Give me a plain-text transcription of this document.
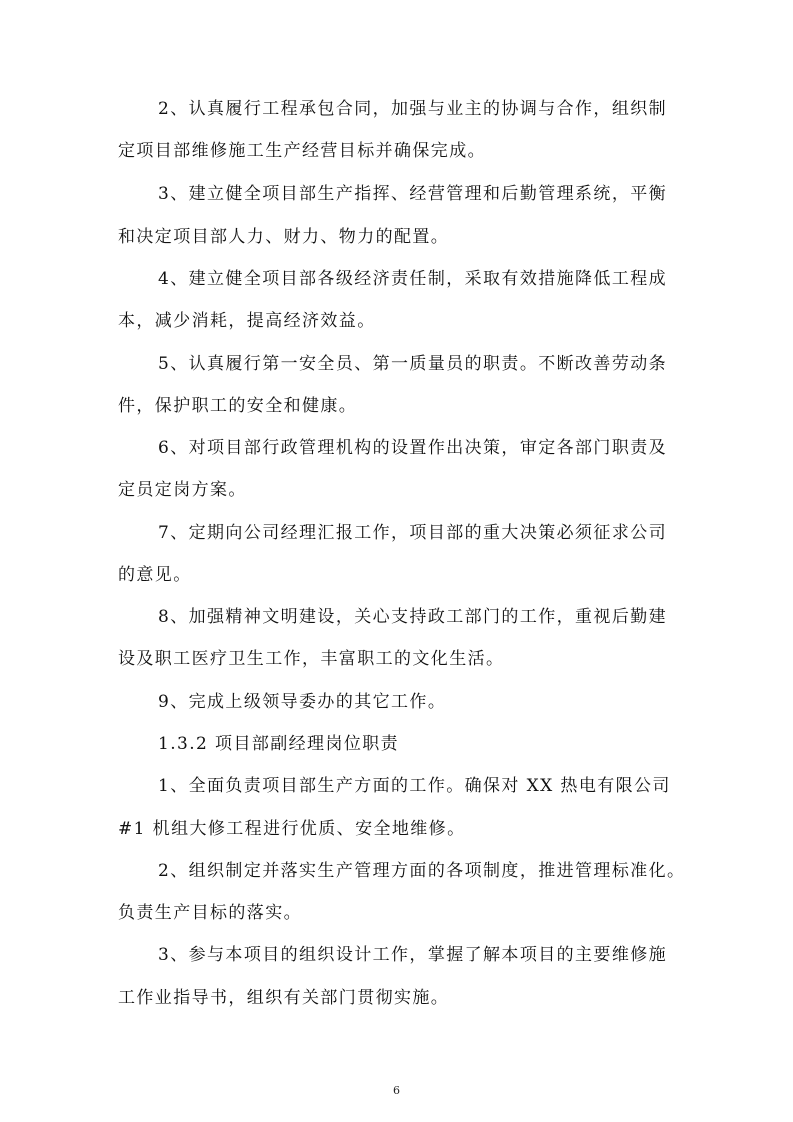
2、认真履行工程承包合同，加强与业主的协调与合作，组织制
定项目部维修施工生产经营目标并确保完成。
3、建立健全项目部生产指挥、经营管理和后勤管理系统，平衡
和决定项目部人力、财力、物力的配置。
4、建立健全项目部各级经济责任制，采取有效措施降低工程成
本，减少消耗，提高经济效益。
5、认真履行第一安全员、第一质量员的职责。不断改善劳动条
件，保护职工的安全和健康。
6、对项目部行政管理机构的设置作出决策，审定各部门职责及
定员定岗方案。
7、定期向公司经理汇报工作，项目部的重大决策必须征求公司
的意见。
8、加强精神文明建设，关心支持政工部门的工作，重视后勤建
设及职工医疗卫生工作，丰富职工的文化生活。
9、完成上级领导委办的其它工作。
1.3.2 项目部副经理岗位职责
1、全面负责项目部生产方面的工作。确保对 XX 热电有限公司
#1 机组大修工程进行优质、安全地维修。
2、组织制定并落实生产管理方面的各项制度，推进管理标准化。
负责生产目标的落实。
3、参与本项目的组织设计工作，掌握了解本项目的主要维修施
工作业指导书，组织有关部门贯彻实施。
6
